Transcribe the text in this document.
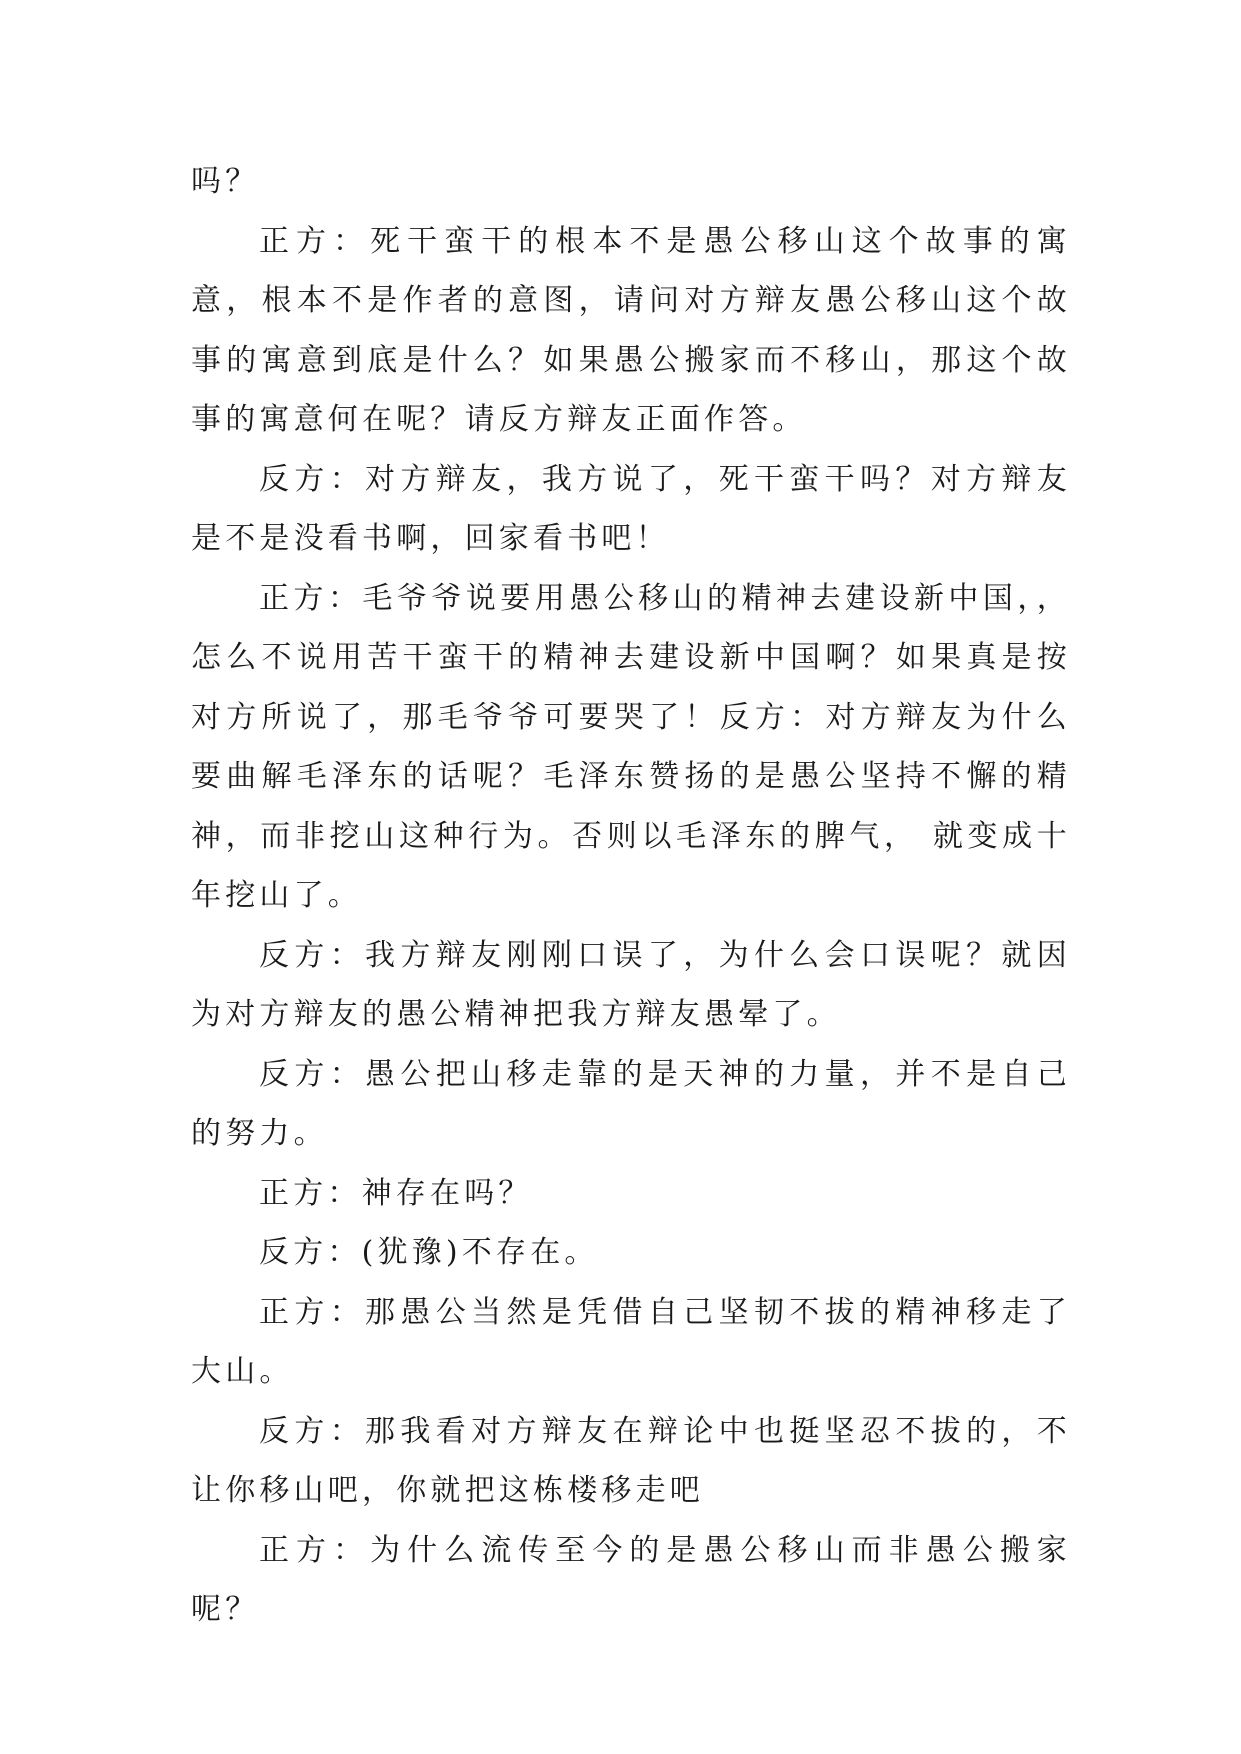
吗？

正方：死干蛮干的根本不是愚公移山这个故事的寓意，根本不是作者的意图，请问对方辩友愚公移山这个故事的寓意到底是什么？如果愚公搬家而不移山，那这个故事的寓意何在呢？请反方辩友正面作答。

反方：对方辩友，我方说了，死干蛮干吗？对方辩友是不是没看书啊，回家看书吧！

正方：毛爷爷说要用愚公移山的精神去建设新中国，，怎么不说用苦干蛮干的精神去建设新中国啊？如果真是按对方所说了，那毛爷爷可要哭了！反方：对方辩友为什么要曲解毛泽东的话呢？毛泽东赞扬的是愚公坚持不懈的精神，而非挖山这种行为。否则以毛泽东的脾气， 就变成十年挖山了。

反方：我方辩友刚刚口误了，为什么会口误呢？就因为对方辩友的愚公精神把我方辩友愚晕了。

反方：愚公把山移走靠的是天神的力量，并不是自己的努力。

正方：神存在吗？

反方：(犹豫)不存在。

正方：那愚公当然是凭借自己坚韧不拔的精神移走了大山。

反方：那我看对方辩友在辩论中也挺坚忍不拔的，不让你移山吧，你就把这栋楼移走吧

正方：为什么流传至今的是愚公移山而非愚公搬家呢？
